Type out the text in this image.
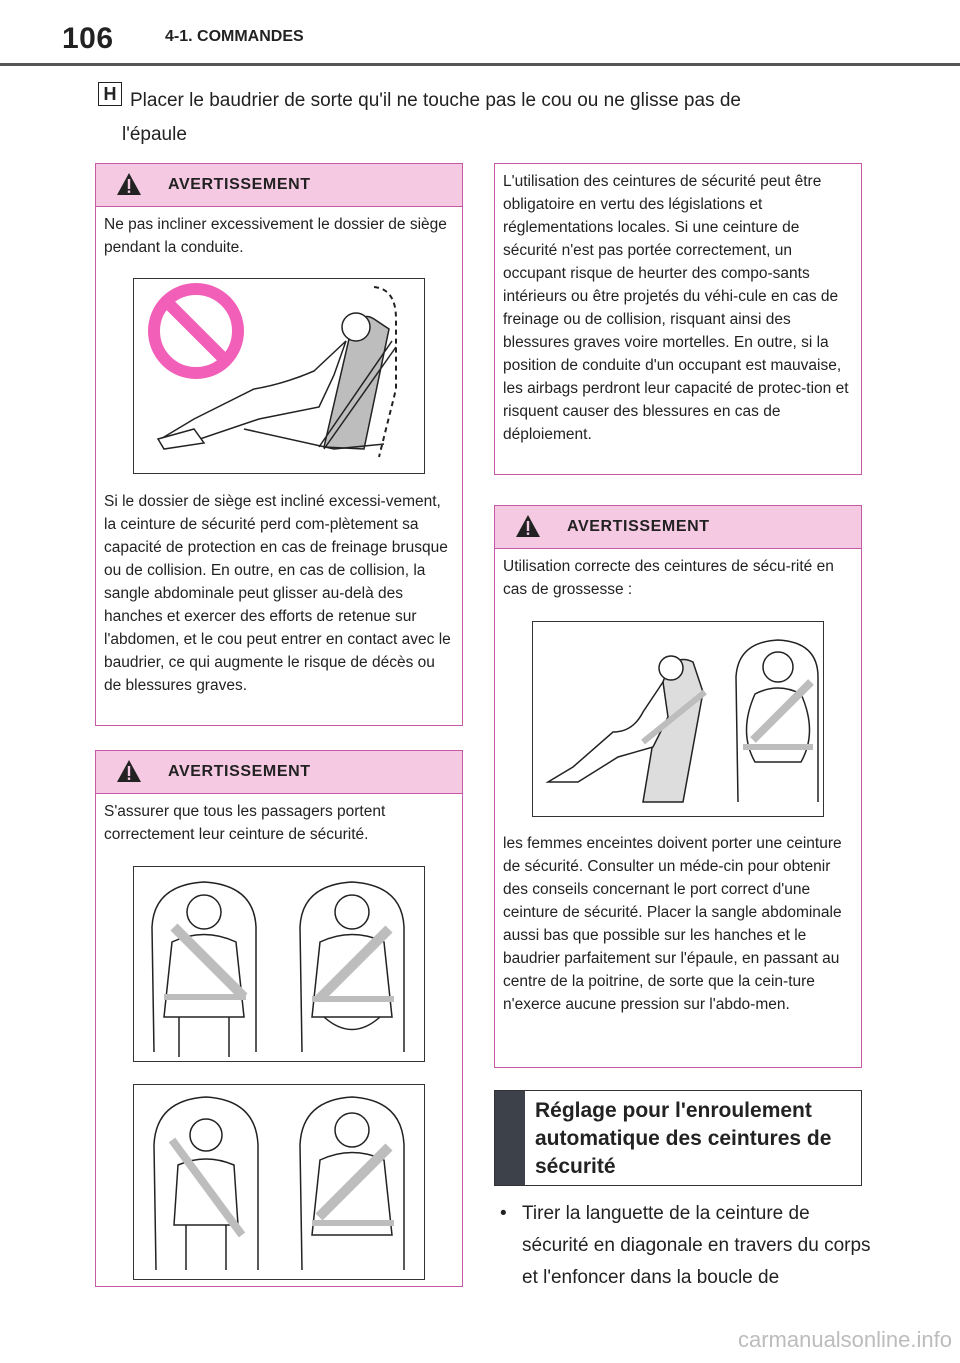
106	4-1. COMMANDES
H Placer le baudrier de sorte qu'il ne touche pas le cou ou ne glisse pas de

l'épaule
AVERTISSEMENT
Ne pas incliner excessivement le dossier de siège pendant la conduite.
Si le dossier de siège est incliné excessi-vement, la ceinture de sécurité perd com-plètement sa capacité de protection en cas de freinage brusque ou de collision. En outre, en cas de collision, la sangle abdominale peut glisser au-delà des hanches et exercer des efforts de retenue sur l'abdomen, et le cou peut entrer en contact avec le baudrier, ce qui augmente le risque de décès ou de blessures graves.
AVERTISSEMENT
S'assurer que tous les passagers portent correctement leur ceinture de sécurité.
L'utilisation des ceintures de sécurité peut être obligatoire en vertu des législations et réglementations locales. Si une ceinture de sécurité n'est pas portée correctement, un occupant risque de heurter des compo-sants intérieurs ou être projetés du véhi-cule en cas de freinage ou de collision, risquant ainsi des blessures graves voire mortelles. En outre, si la position de conduite d'un occupant est mauvaise, les airbags perdront leur capacité de protec-tion et risquent causer des blessures en cas de déploiement.
AVERTISSEMENT
Utilisation correcte des ceintures de sécu-rité en cas de grossesse :
les femmes enceintes doivent porter une ceinture de sécurité. Consulter un méde-cin pour obtenir des conseils concernant le port correct d'une ceinture de sécurité. Placer la sangle abdominale aussi bas que possible sur les hanches et le baudrier parfaitement sur l'épaule, en passant au centre de la poitrine, de sorte que la cein-ture n'exerce aucune pression sur l'abdo-men.
Réglage pour l'enroulement automatique des ceintures de sécurité
• Tirer la languette de la ceinture de sécurité en diagonale en travers du corps et l'enfoncer dans la boucle de
carmanualsonline.info
